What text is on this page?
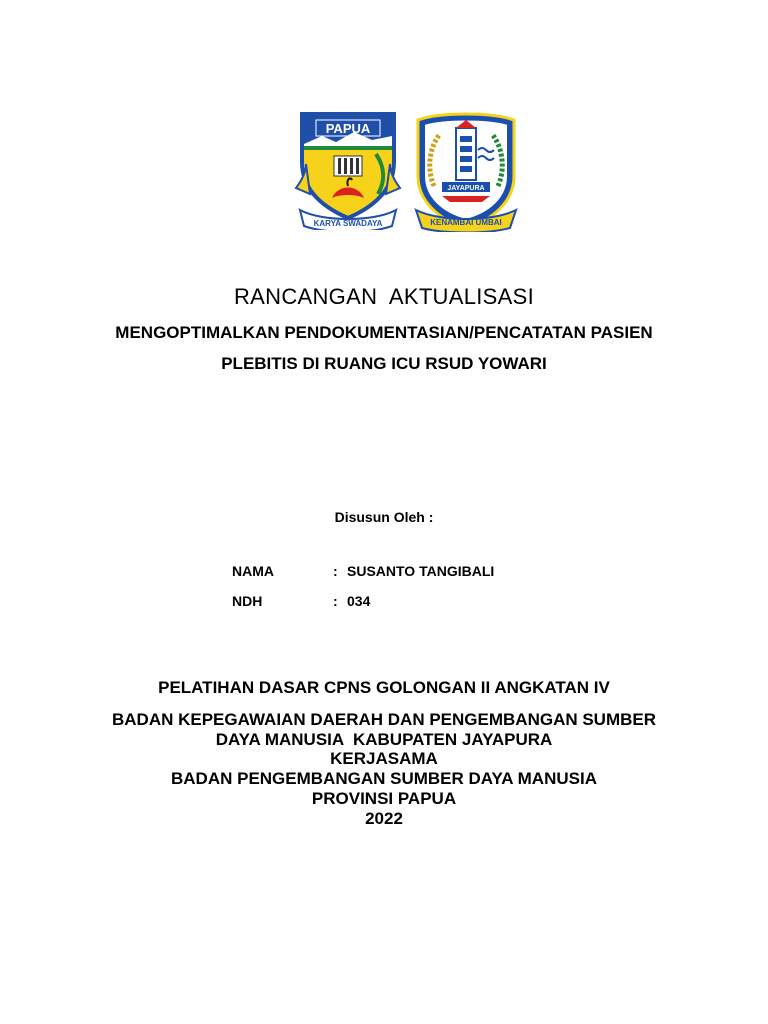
PAPUA
KARYA SWADAYA
JAYAPURA
KENAMBAI UMBAI
RANCANGAN  AKTUALISASI
MENGOPTIMALKAN PENDOKUMENTASIAN/PENCATATAN PASIEN
PLEBITIS DI RUANG ICU RSUD YOWARI
Disusun Oleh :
NAMA	: SUSANTO TANGIBALI
NDH	: 034
PELATIHAN DASAR CPNS GOLONGAN II ANGKATAN IV
BADAN KEPEGAWAIAN DAERAH DAN PENGEMBANGAN SUMBER
DAYA MANUSIA  KABUPATEN JAYAPURA
KERJASAMA
BADAN PENGEMBANGAN SUMBER DAYA MANUSIA
PROVINSI PAPUA
2022
